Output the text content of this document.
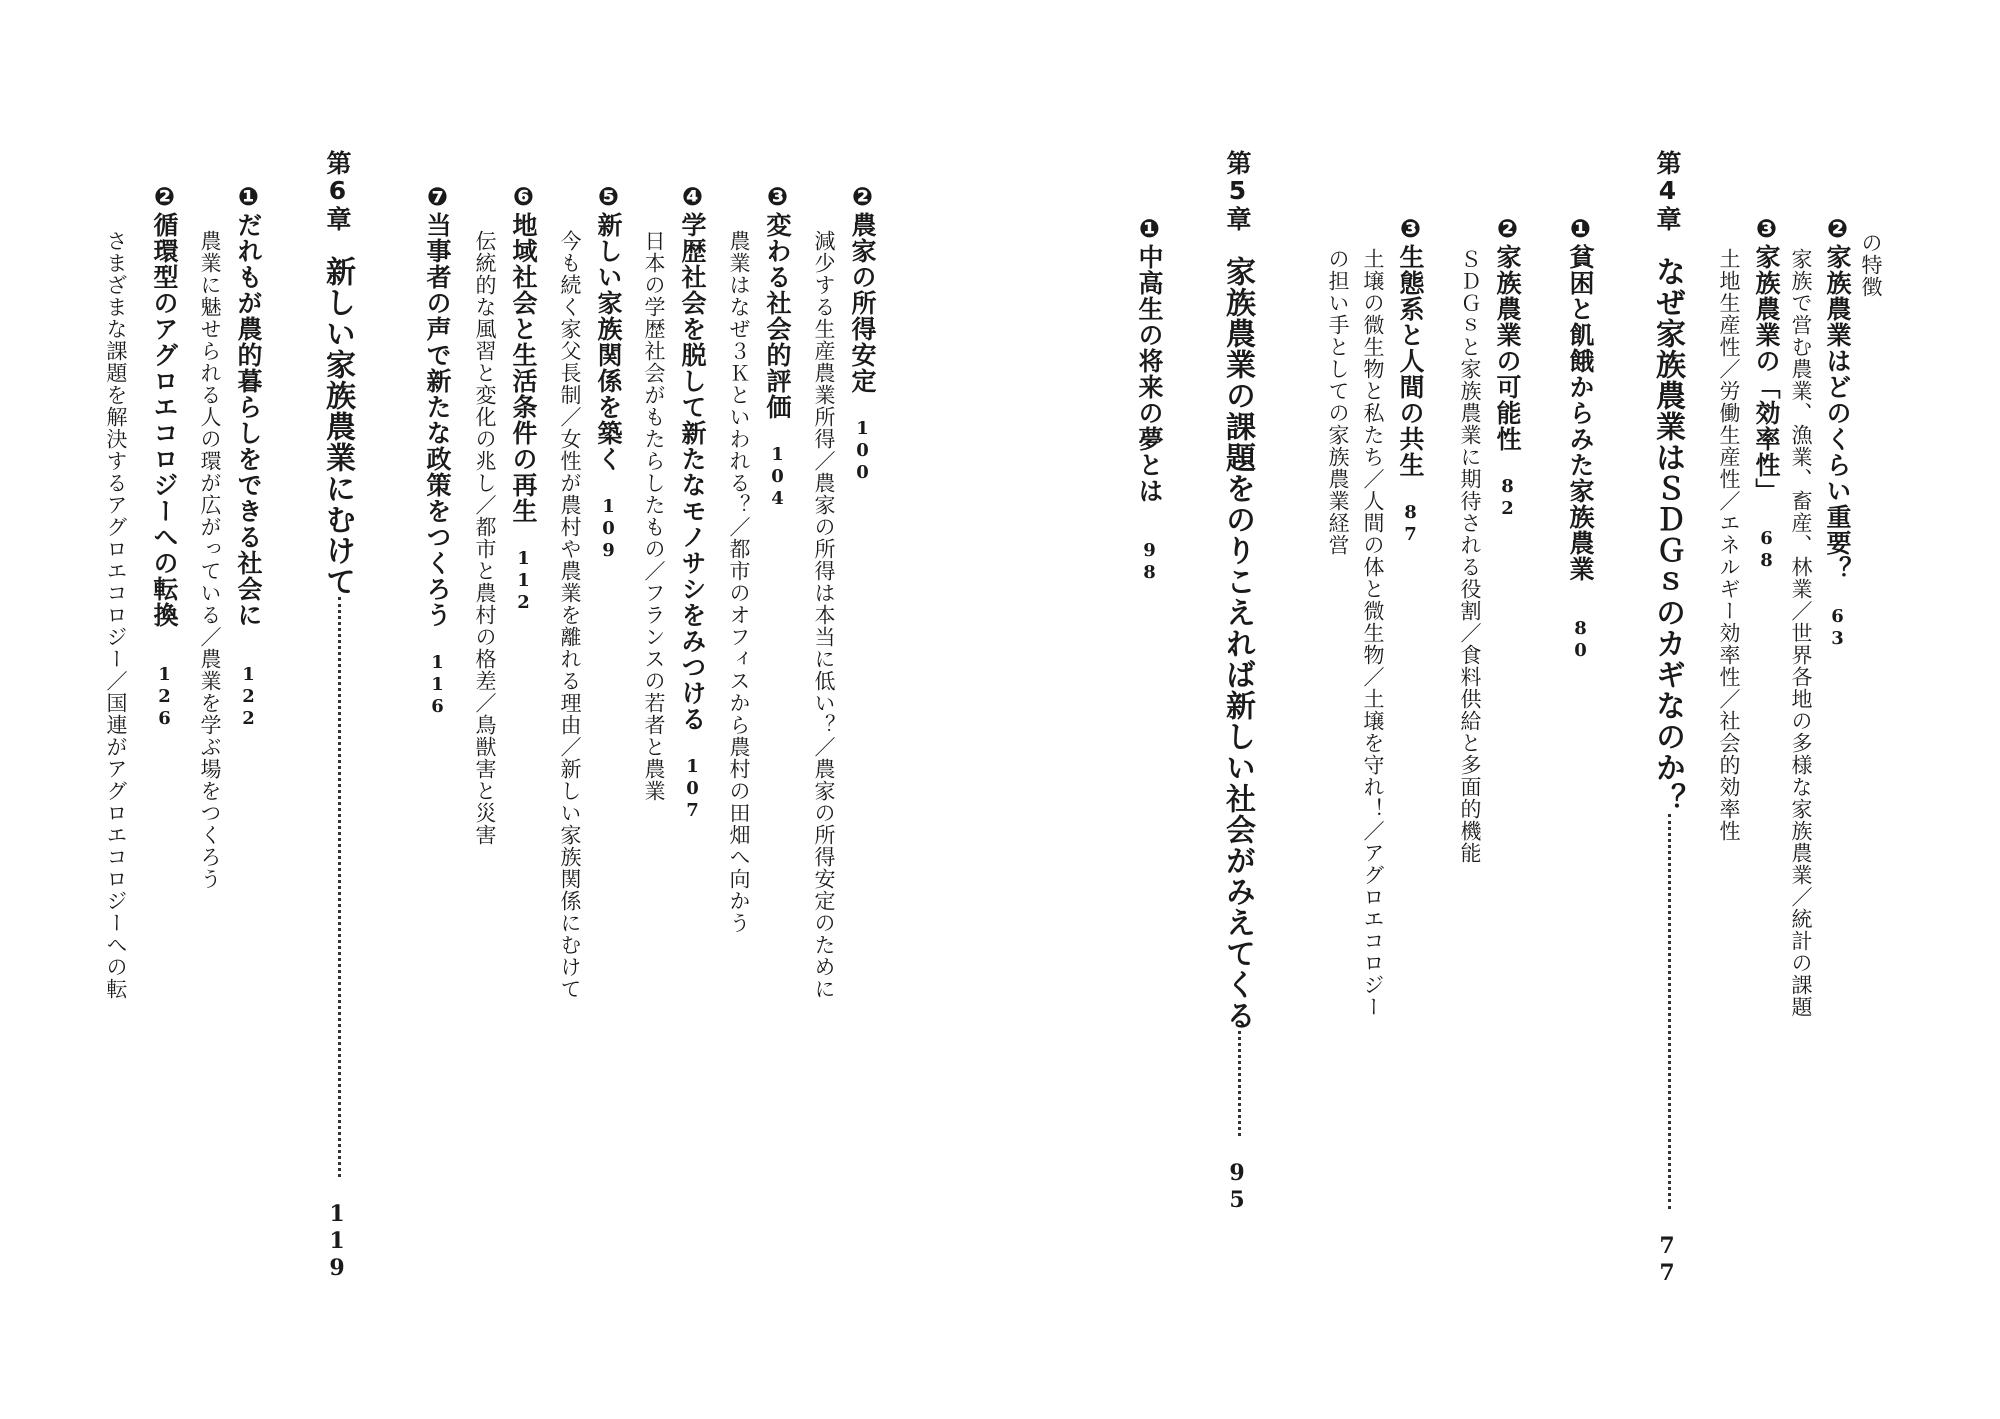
の特徴
❷家族農業はどのくらい重要？63
家族で営む農業、漁業、畜産、林業／世界各地の多様な家族農業／統計の課題
❸家族農業の「効率性」68
土地生産性／労働生産性／エネルギー効率性／社会的効率性
第4章なぜ家族農業はＳＤＧｓのカギなのか？77
❶貧困と飢餓からみた家族農業80
❷家族農業の可能性82
ＳＤＧｓと家族農業に期待される役割／食料供給と多面的機能
❸生態系と人間の共生87
土壌の微生物と私たち／人間の体と微生物／土壌を守れ！／アグロエコロジー
の担い手としての家族農業経営
第5章家族農業の課題をのりこえれば新しい社会がみえてくる95
❶中高生の将来の夢とは98
❷農家の所得安定100
減少する生産農業所得／農家の所得は本当に低い？／農家の所得安定のために
❸変わる社会的評価104
農業はなぜ３Ｋといわれる？／都市のオフィスから農村の田畑へ向かう
❹学歴社会を脱して新たなモノサシをみつける107
日本の学歴社会がもたらしたもの／フランスの若者と農業
❺新しい家族関係を築く109
今も続く家父長制／女性が農村や農業を離れる理由／新しい家族関係にむけて
❻地域社会と生活条件の再生112
伝統的な風習と変化の兆し／都市と農村の格差／鳥獣害と災害
❼当事者の声で新たな政策をつくろう116
第6章新しい家族農業にむけて119
❶だれもが農的暮らしをできる社会に122
農業に魅せられる人の環が広がっている／農業を学ぶ場をつくろう
❷循環型のアグロエコロジーへの転換126
さまざまな課題を解決するアグロエコロジー／国連がアグロエコロジーへの転
